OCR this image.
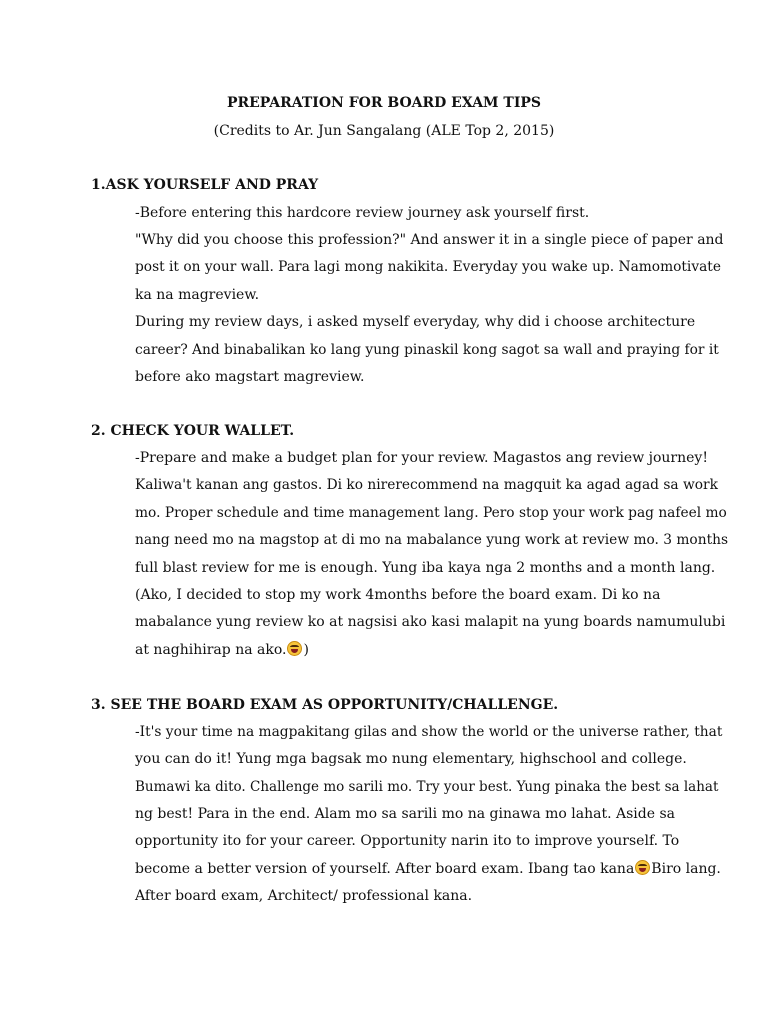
PREPARATION FOR BOARD EXAM TIPS
(Credits to Ar. Jun Sangalang (ALE Top 2, 2015)
1.ASK YOURSELF AND PRAY
-Before entering this hardcore review journey ask yourself first.
"Why did you choose this profession?" And answer it in a single piece of paper and
post it on your wall. Para lagi mong nakikita. Everyday you wake up. Namomotivate
ka na magreview.
During my review days, i asked myself everyday, why did i choose architecture
career? And binabalikan ko lang yung pinaskil kong sagot sa wall and praying for it
before ako magstart magreview.
2. CHECK YOUR WALLET.
-Prepare and make a budget plan for your review. Magastos ang review journey!
Kaliwa't kanan ang gastos. Di ko nirerecommend na magquit ka agad agad sa work
mo. Proper schedule and time management lang. Pero stop your work pag nafeel mo
nang need mo na magstop at di mo na mabalance yung work at review mo. 3 months
full blast review for me is enough. Yung iba kaya nga 2 months and a month lang.
(Ako, I decided to stop my work 4months before the board exam. Di ko na
mabalance yung review ko at nagsisi ako kasi malapit na yung boards namumulubi
at naghihirap na ako. )
3. SEE THE BOARD EXAM AS OPPORTUNITY/CHALLENGE.
-It's your time na magpakitang gilas and show the world or the universe rather, that
you can do it! Yung mga bagsak mo nung elementary, highschool and college.
Bumawi ka dito. Challenge mo sarili mo. Try your best. Yung pinaka the best sa lahat
ng best! Para in the end. Alam mo sa sarili mo na ginawa mo lahat. Aside sa
opportunity ito for your career. Opportunity narin ito to improve yourself. To
become a better version of yourself. After board exam. Ibang tao kana Biro lang.
After board exam, Architect/ professional kana.
